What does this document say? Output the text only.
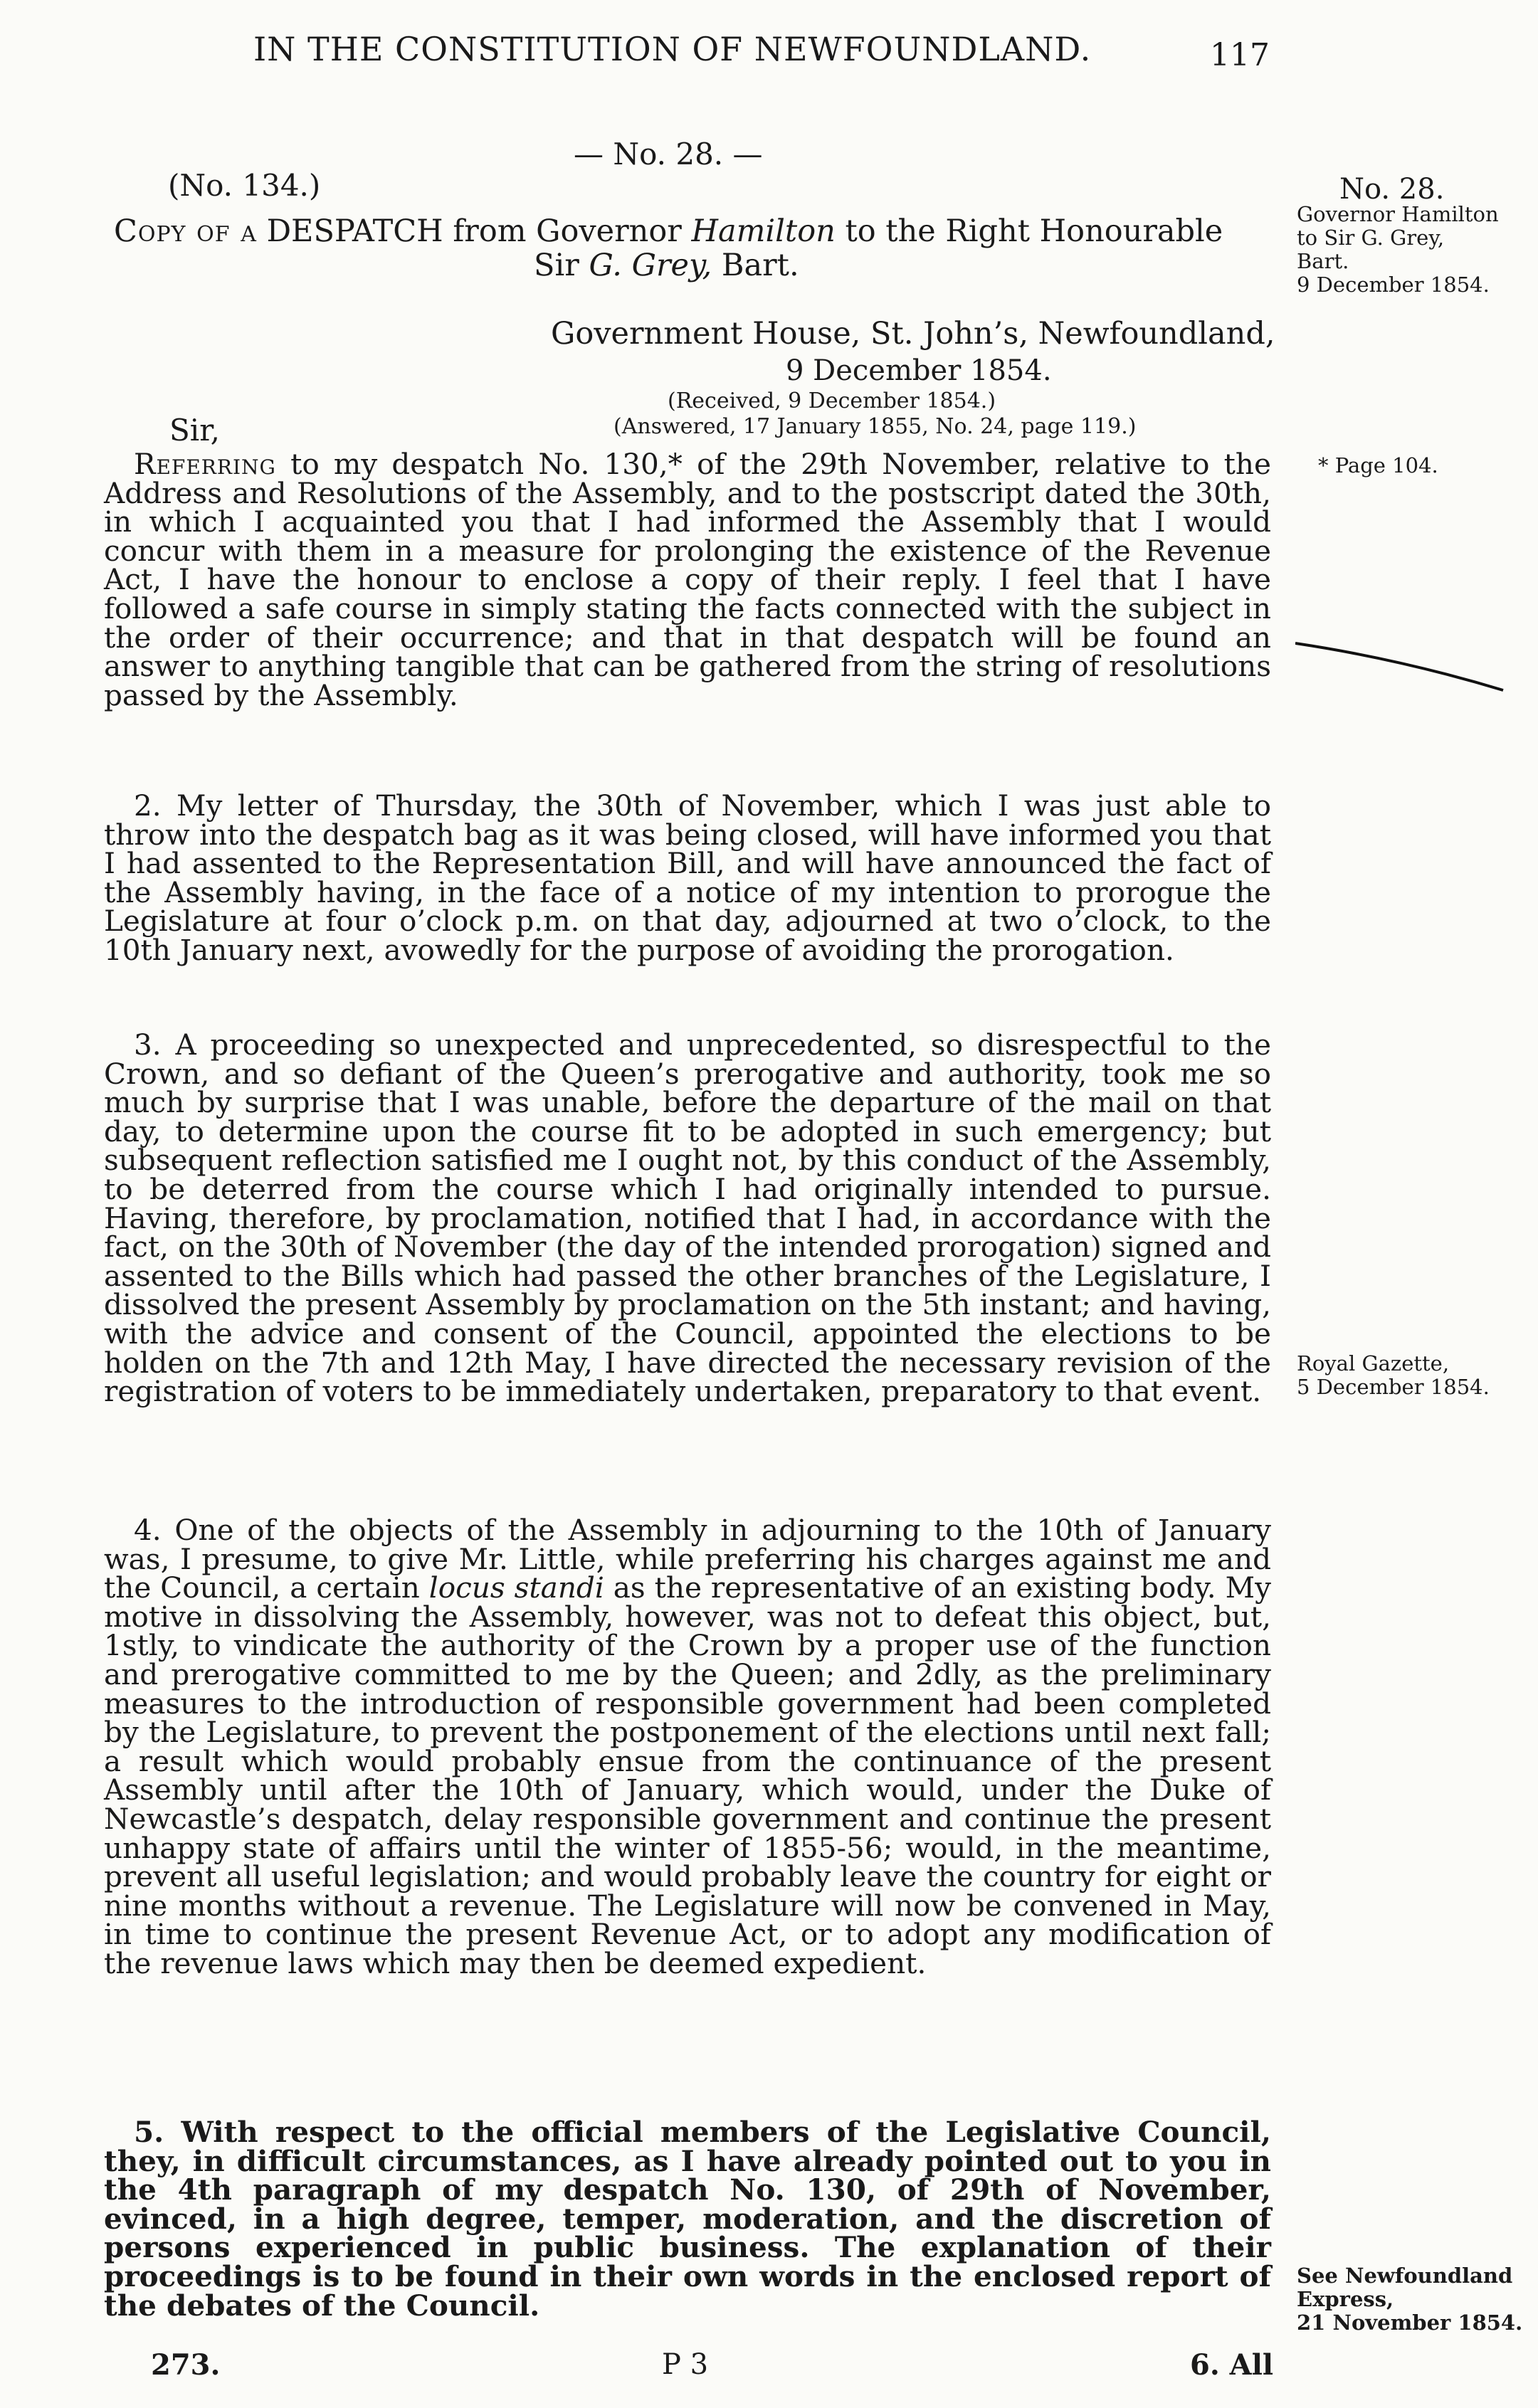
IN THE CONSTITUTION OF NEWFOUNDLAND.	117
— No. 28. —
(No. 134.)
Copy of a DESPATCH from Governor Hamilton to the Right Honourable
Sir G. Grey, Bart.
Government House, St. John’s, Newfoundland,
9 December 1854.
(Received, 9 December 1854.)
(Answered, 17 January 1855, No. 24, page 119.)
Sir,
Referring to my despatch No. 130,* of the 29th November, relative to the Address and Resolutions of the Assembly, and to the postscript dated the 30th, in which I acquainted you that I had informed the Assembly that I would concur with them in a measure for prolonging the existence of the Revenue Act, I have the honour to enclose a copy of their reply. I feel that I have followed a safe course in simply stating the facts connected with the subject in the order of their occurrence; and that in that despatch will be found an answer to anything tangible that can be gathered from the string of resolutions passed by the Assembly.
2. My letter of Thursday, the 30th of November, which I was just able to throw into the despatch bag as it was being closed, will have informed you that I had assented to the Representation Bill, and will have announced the fact of the Assembly having, in the face of a notice of my intention to prorogue the Legislature at four o’clock p.m. on that day, adjourned at two o’clock, to the 10th January next, avowedly for the purpose of avoiding the prorogation.
3. A proceeding so unexpected and unprecedented, so disrespectful to the Crown, and so defiant of the Queen’s prerogative and authority, took me so much by surprise that I was unable, before the departure of the mail on that day, to determine upon the course fit to be adopted in such emergency; but subsequent reflection satisfied me I ought not, by this conduct of the Assembly, to be deterred from the course which I had originally intended to pursue. Having, therefore, by proclamation, notified that I had, in accordance with the fact, on the 30th of November (the day of the intended prorogation) signed and assented to the Bills which had passed the other branches of the Legislature, I dissolved the present Assembly by proclamation on the 5th instant; and having, with the advice and consent of the Council, appointed the elections to be holden on the 7th and 12th May, I have directed the necessary revision of the registration of voters to be immediately undertaken, preparatory to that event.
4. One of the objects of the Assembly in adjourning to the 10th of January was, I presume, to give Mr. Little, while preferring his charges against me and the Council, a certain locus standi as the representative of an existing body. My motive in dissolving the Assembly, however, was not to defeat this object, but, 1stly, to vindicate the authority of the Crown by a proper use of the function and prerogative committed to me by the Queen; and 2dly, as the preliminary measures to the introduction of responsible government had been completed by the Legislature, to prevent the postponement of the elections until next fall; a result which would probably ensue from the continuance of the present Assembly until after the 10th of January, which would, under the Duke of Newcastle’s despatch, delay responsible government and continue the present unhappy state of affairs until the winter of 1855-56; would, in the meantime, prevent all useful legislation; and would probably leave the country for eight or nine months without a revenue. The Legislature will now be convened in May, in time to continue the present Revenue Act, or to adopt any modification of the revenue laws which may then be deemed expedient.
5. With respect to the official members of the Legislative Council, they, in difficult circumstances, as I have already pointed out to you in the 4th paragraph of my despatch No. 130, of 29th of November, evinced, in a high degree, temper, moderation, and the discretion of persons experienced in public business. The explanation of their proceedings is to be found in their own words in the enclosed report of the debates of the Council.
No. 28.
Governor Hamilton
to Sir G. Grey,
Bart.
9 December 1854.
* Page 104.
Royal Gazette,
5 December 1854.
See Newfoundland
Express,
21 November 1854.
273.	P 3	6. All
